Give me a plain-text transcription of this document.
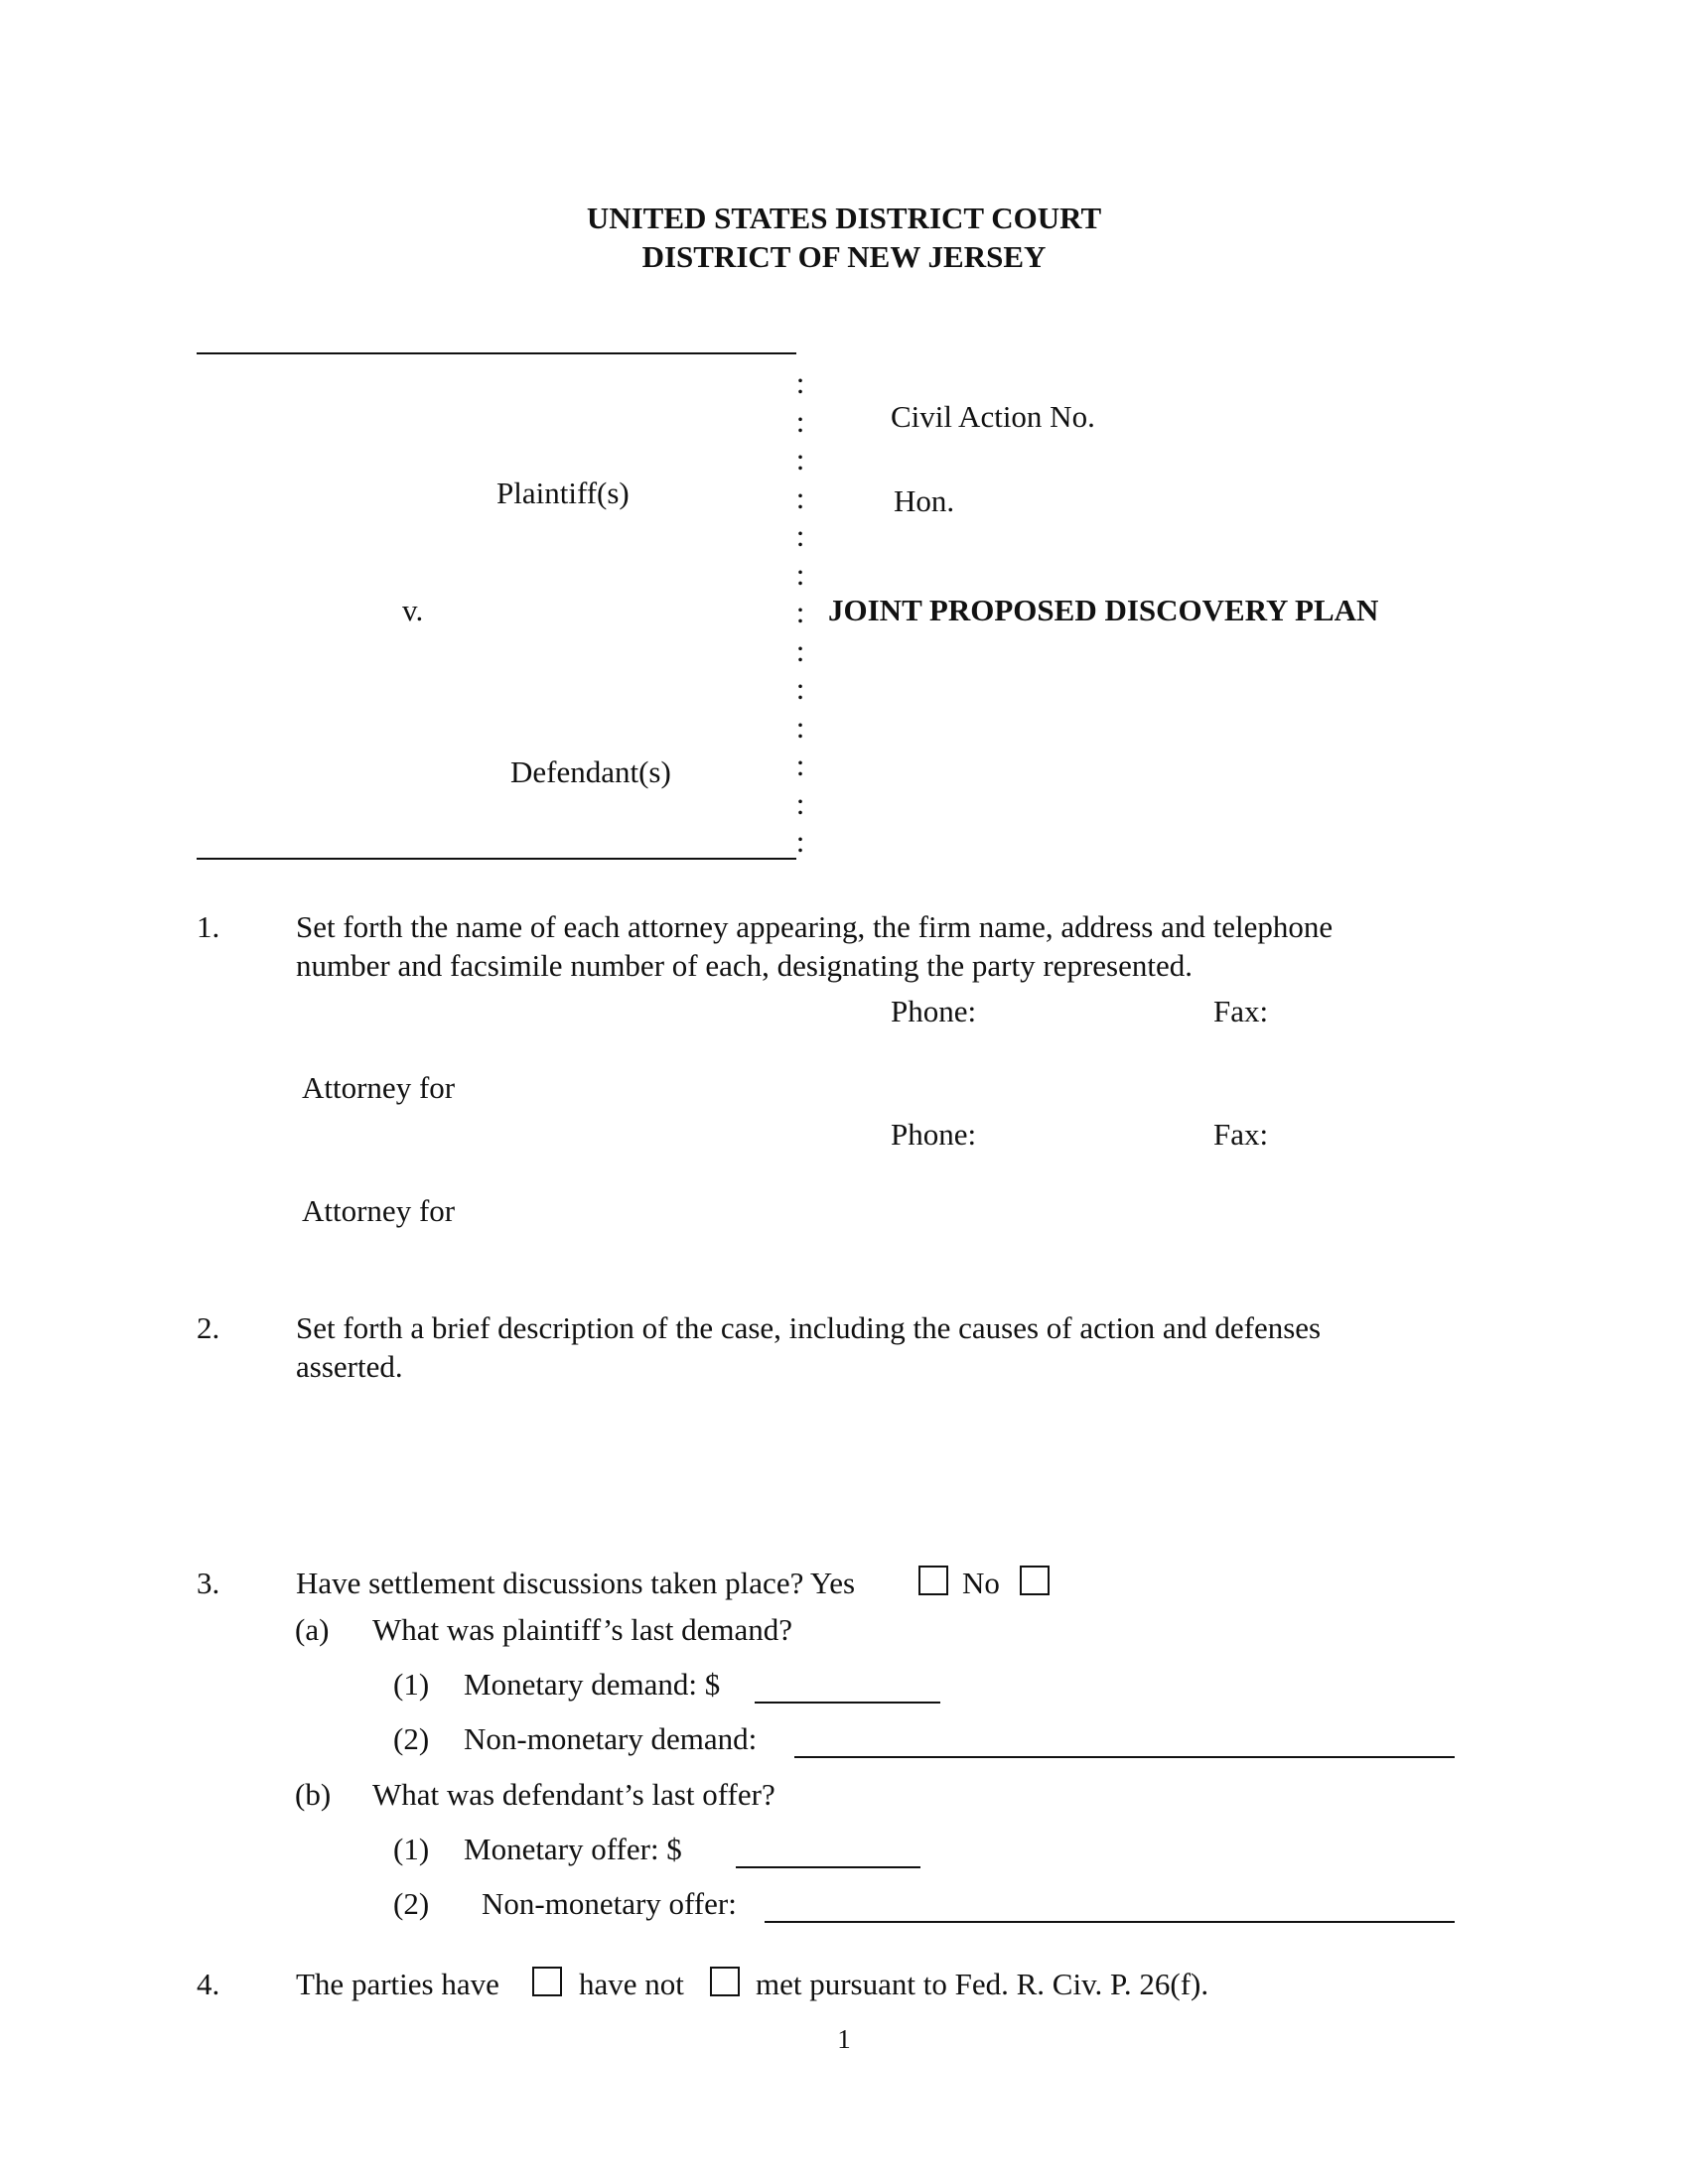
UNITED STATES DISTRICT COURT
DISTRICT OF NEW JERSEY
:
:
:
:
:
:
:
:
:
:
:
:
:
Plaintiff(s)
v.
Defendant(s)
Civil Action No.
Hon.
JOINT PROPOSED DISCOVERY PLAN
1. Set forth the name of each attorney appearing, the firm name, address and telephone
number and facsimile number of each, designating the party represented.
Phone:	Fax:
Attorney for
Phone:	Fax:
Attorney for
2. Set forth a brief description of the case, including the causes of action and defenses
asserted.
3. Have settlement discussions taken place? Yes	No
(a) What was plaintiff’s last demand?
(1) Monetary demand: $
(2) Non-monetary demand:
(b) What was defendant’s last offer?
(1) Monetary offer: $
(2) Non-monetary offer:
4. The parties have	have not met pursuant to Fed. R. Civ. P. 26(f).
1
